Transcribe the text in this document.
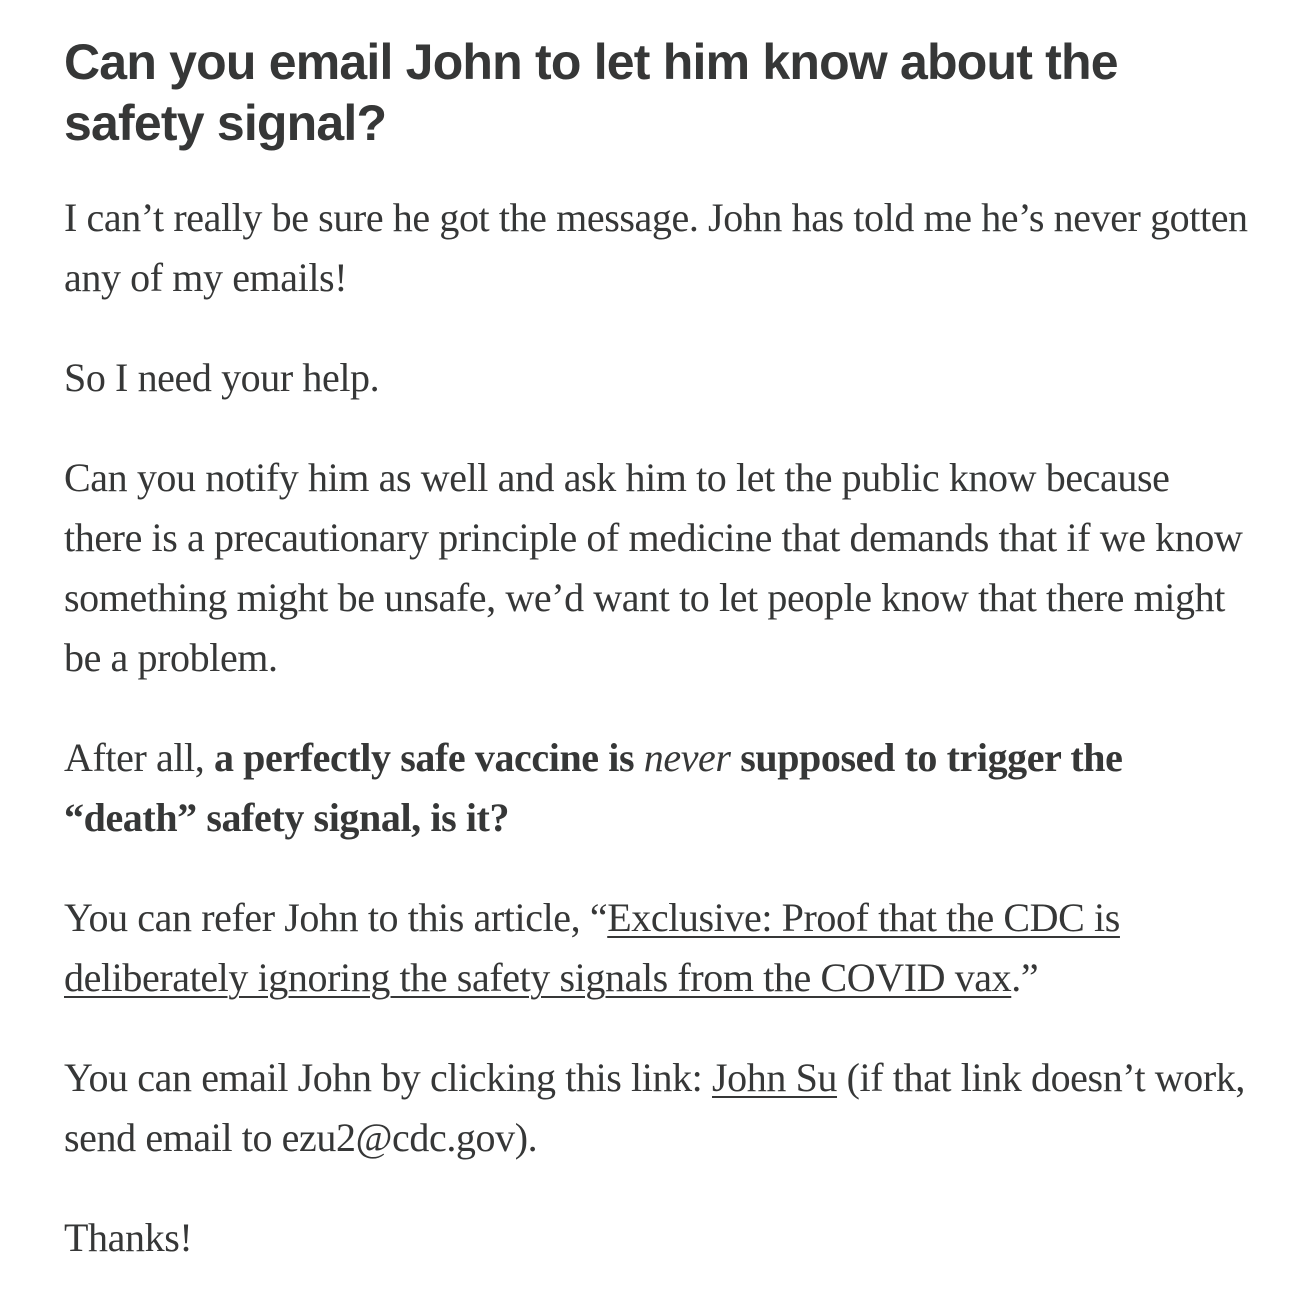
Can you email John to let him know about the safety signal?

I can’t really be sure he got the message. John has told me he’s never gotten any of my emails!

So I need your help.

Can you notify him as well and ask him to let the public know because there is a precautionary principle of medicine that demands that if we know something might be unsafe, we’d want to let people know that there might be a problem.

After all, a perfectly safe vaccine is never supposed to trigger the “death” safety signal, is it?

You can refer John to this article, “Exclusive: Proof that the CDC is deliberately ignoring the safety signals from the COVID vax.”

You can email John by clicking this link: John Su (if that link doesn’t work, send email to ezu2@cdc.gov).

Thanks!
